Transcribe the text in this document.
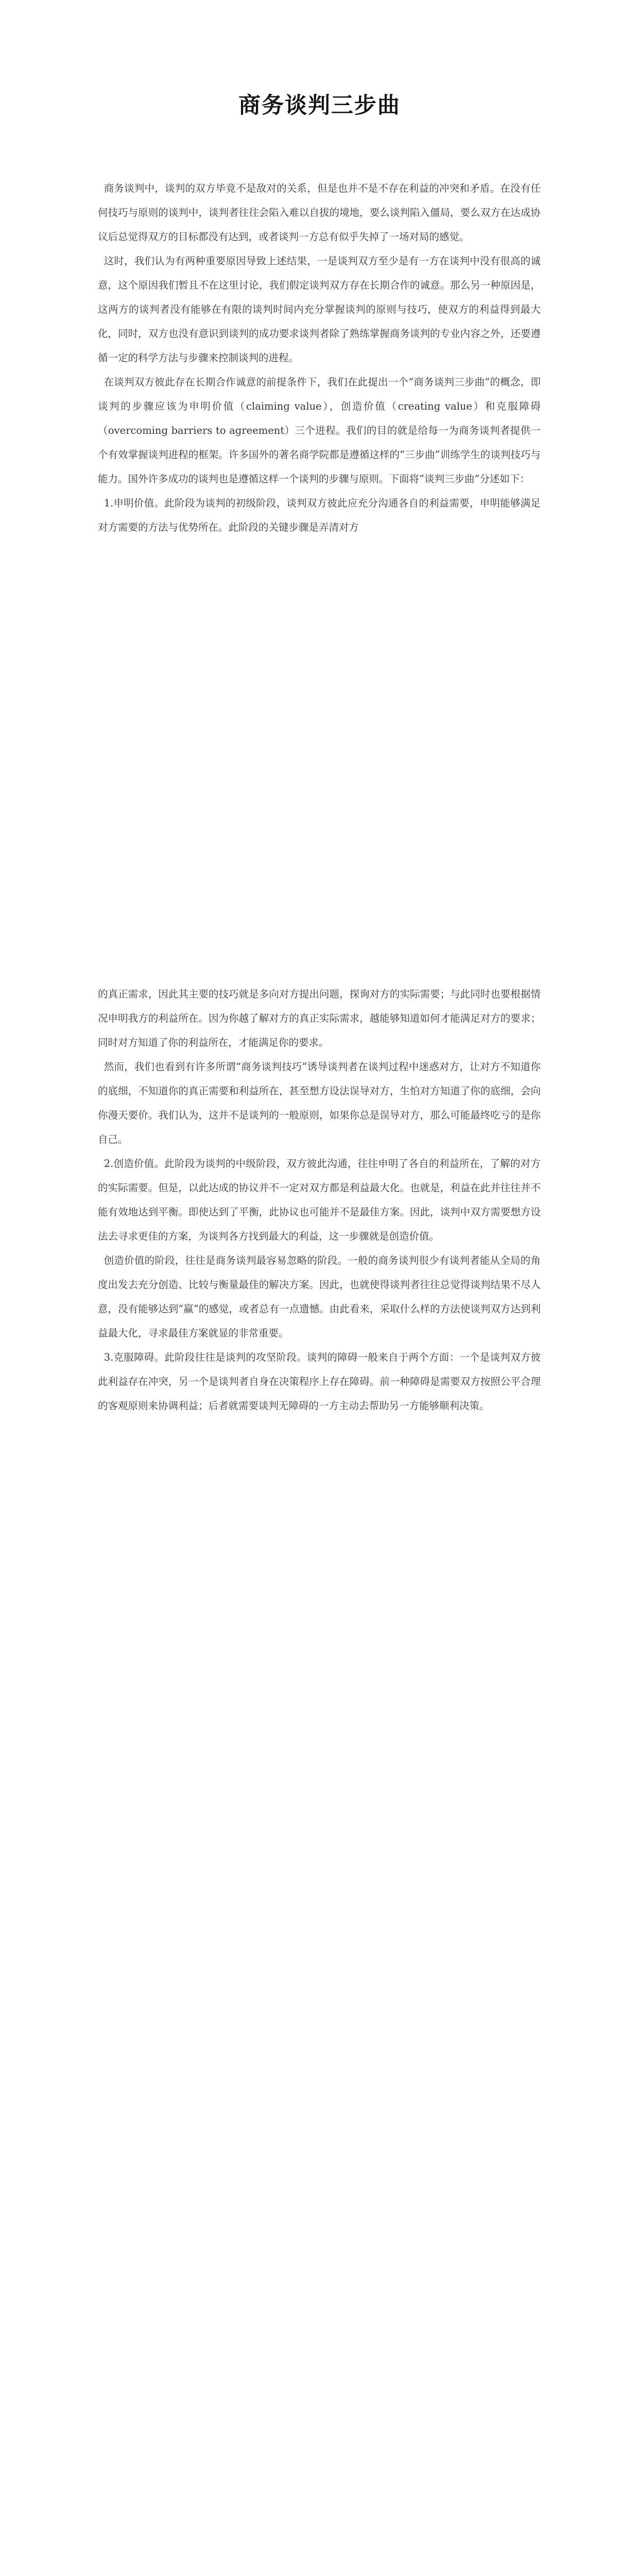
商务谈判三步曲

商务谈判中，谈判的双方毕竟不是敌对的关系，但是也并不是不存在利益的冲突和矛盾。在没有任何技巧与原则的谈判中，谈判者往往会陷入难以自拔的境地，要么谈判陷入僵局，要么双方在达成协议后总觉得双方的目标都没有达到，或者谈判一方总有似乎失掉了一场对局的感觉。

这时，我们认为有两种重要原因导致上述结果，一是谈判双方至少是有一方在谈判中没有很高的诚意，这个原因我们暂且不在这里讨论，我们假定谈判双方存在长期合作的诚意。那么另一种原因是，这两方的谈判者没有能够在有限的谈判时间内充分掌握谈判的原则与技巧，使双方的利益得到最大化，同时，双方也没有意识到谈判的成功要求谈判者除了熟练掌握商务谈判的专业内容之外，还要遵循一定的科学方法与步骤来控制谈判的进程。

在谈判双方彼此存在长期合作诚意的前提条件下，我们在此提出一个“商务谈判三步曲”的概念，即谈判的步骤应该为申明价值（claiming value），创造价值（creating value）和克服障碍（overcoming barriers to agreement）三个进程。我们的目的就是给每一为商务谈判者提供一个有效掌握谈判进程的框架。许多国外的著名商学院都是遵循这样的“三步曲”训练学生的谈判技巧与能力。国外许多成功的谈判也是遵循这样一个谈判的步骤与原则。下面将“谈判三步曲”分述如下：

1.申明价值。此阶段为谈判的初级阶段，谈判双方彼此应充分沟通各自的利益需要，申明能够满足对方需要的方法与优势所在。此阶段的关键步骤是弄清对方

的真正需求，因此其主要的技巧就是多向对方提出问题，探询对方的实际需要；与此同时也要根据情况申明我方的利益所在。因为你越了解对方的真正实际需求，越能够知道如何才能满足对方的要求；同时对方知道了你的利益所在，才能满足你的要求。

然而，我们也看到有许多所谓“商务谈判技巧”诱导谈判者在谈判过程中迷惑对方，让对方不知道你的底细，不知道你的真正需要和利益所在，甚至想方设法误导对方，生怕对方知道了你的底细，会向你漫天要价。我们认为，这并不是谈判的一般原则，如果你总是误导对方，那么可能最终吃亏的是你自己。

2.创造价值。此阶段为谈判的中级阶段，双方彼此沟通，往往申明了各自的利益所在，了解的对方的实际需要。但是，以此达成的协议并不一定对双方都是利益最大化。也就是，利益在此并往往并不能有效地达到平衡。即使达到了平衡，此协议也可能并不是最佳方案。因此，谈判中双方需要想方设法去寻求更佳的方案，为谈判各方找到最大的利益，这一步骤就是创造价值。

创造价值的阶段，往往是商务谈判最容易忽略的阶段。一般的商务谈判很少有谈判者能从全局的角度出发去充分创造、比较与衡量最佳的解决方案。因此，也就使得谈判者往往总觉得谈判结果不尽人意，没有能够达到“赢”的感觉，或者总有一点遗憾。由此看来，采取什么样的方法使谈判双方达到利益最大化，寻求最佳方案就显的非常重要。

3.克服障碍。此阶段往往是谈判的攻坚阶段。谈判的障碍一般来自于两个方面：一个是谈判双方彼此利益存在冲突，另一个是谈判者自身在决策程序上存在障碍。前一种障碍是需要双方按照公平合理的客观原则来协调利益；后者就需要谈判无障碍的一方主动去帮助另一方能够顺利决策。
